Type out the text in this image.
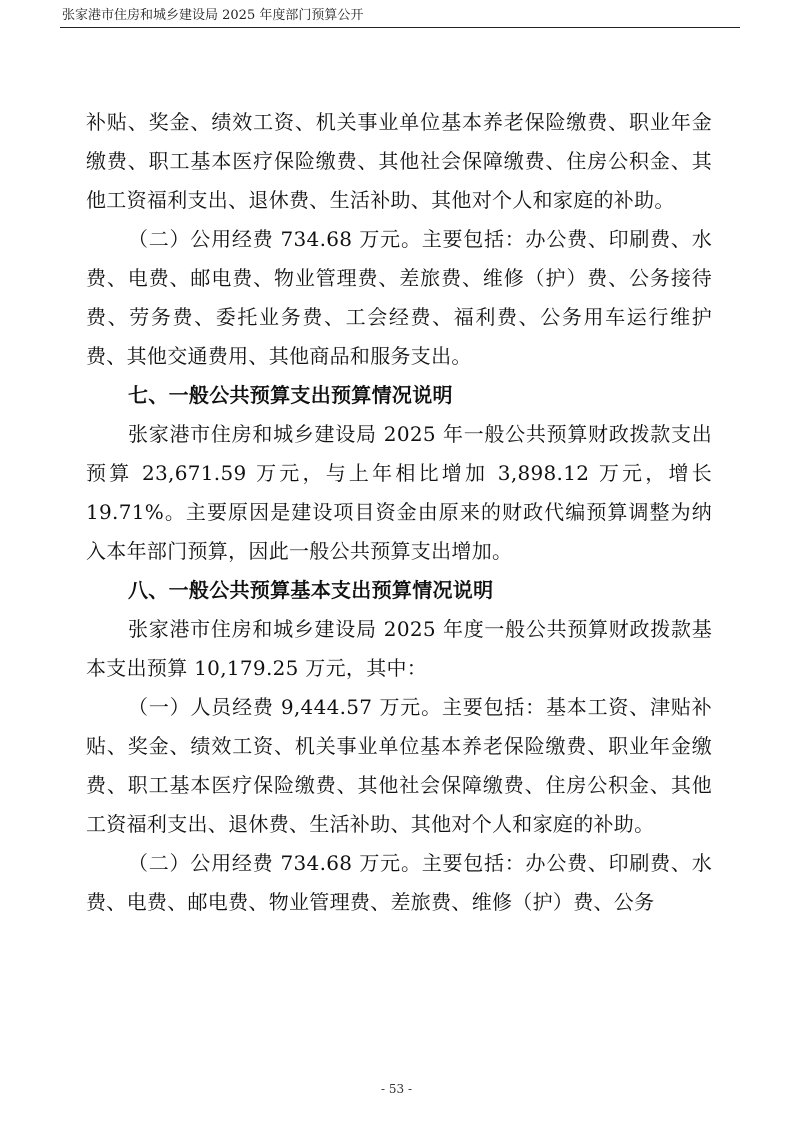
张家港市住房和城乡建设局 2025 年度部门预算公开

补贴、奖金、绩效工资、机关事业单位基本养老保险缴费、职业年金缴费、职工基本医疗保险缴费、其他社会保障缴费、住房公积金、其他工资福利支出、退休费、生活补助、其他对个人和家庭的补助。

（二）公用经费 734.68 万元。主要包括：办公费、印刷费、水费、电费、邮电费、物业管理费、差旅费、维修（护）费、公务接待费、劳务费、委托业务费、工会经费、福利费、公务用车运行维护费、其他交通费用、其他商品和服务支出。

七、一般公共预算支出预算情况说明

张家港市住房和城乡建设局 2025 年一般公共预算财政拨款支出预算 23,671.59 万元，与上年相比增加 3,898.12 万元，增长 19.71%。主要原因是建设项目资金由原来的财政代编预算调整为纳入本年部门预算，因此一般公共预算支出增加。

八、一般公共预算基本支出预算情况说明

张家港市住房和城乡建设局 2025 年度一般公共预算财政拨款基本支出预算 10,179.25 万元，其中：

（一）人员经费 9,444.57 万元。主要包括：基本工资、津贴补贴、奖金、绩效工资、机关事业单位基本养老保险缴费、职业年金缴费、职工基本医疗保险缴费、其他社会保障缴费、住房公积金、其他工资福利支出、退休费、生活补助、其他对个人和家庭的补助。

（二）公用经费 734.68 万元。主要包括：办公费、印刷费、水费、电费、邮电费、物业管理费、差旅费、维修（护）费、公务

- 53 -
